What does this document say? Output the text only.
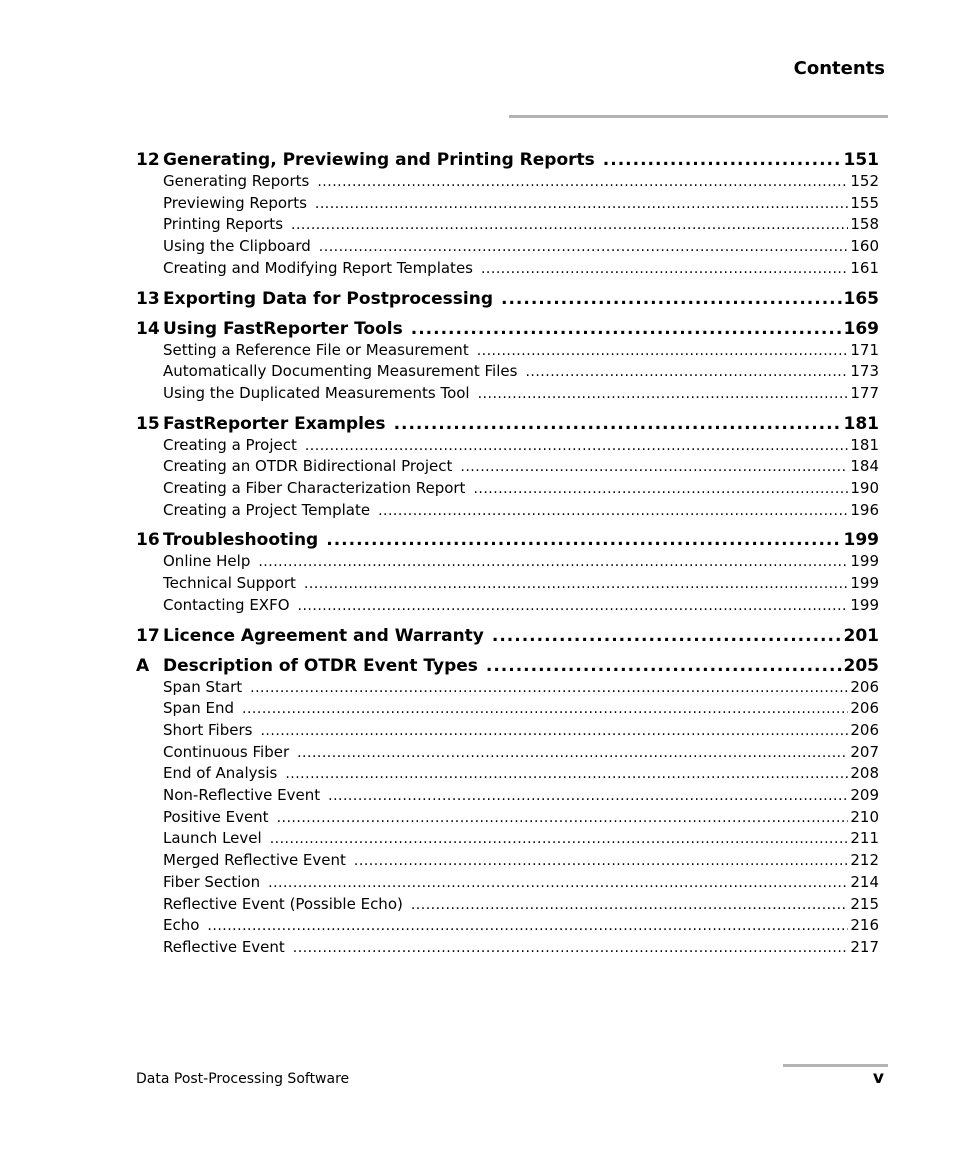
Contents
12 Generating, Previewing and Printing Reports .....	151
Generating Reports .....	152
Previewing Reports .....	155
Printing Reports .....	158
Using the Clipboard .....	160
Creating and Modifying Report Templates .....	161
13 Exporting Data for Postprocessing .....	165
14 Using FastReporter Tools .....	169
Setting a Reference File or Measurement .....	171
Automatically Documenting Measurement Files .....	173
Using the Duplicated Measurements Tool .....	177
15 FastReporter Examples .....	181
Creating a Project .....	181
Creating an OTDR Bidirectional Project .....	184
Creating a Fiber Characterization Report .....	190
Creating a Project Template .....	196
16 Troubleshooting .....	199
Online Help .....	199
Technical Support .....	199
Contacting EXFO .....	199
17 Licence Agreement and Warranty .....	201
A Description of OTDR Event Types .....	205
Span Start .....	206
Span End .....	206
Short Fibers .....	206
Continuous Fiber .....	207
End of Analysis .....	208
Non-Reflective Event .....	209
Positive Event .....	210
Launch Level .....	211
Merged Reflective Event .....	212
Fiber Section .....	214
Reflective Event (Possible Echo) .....	215
Echo .....	216
Reflective Event .....	217
Data Post-Processing Software	v
